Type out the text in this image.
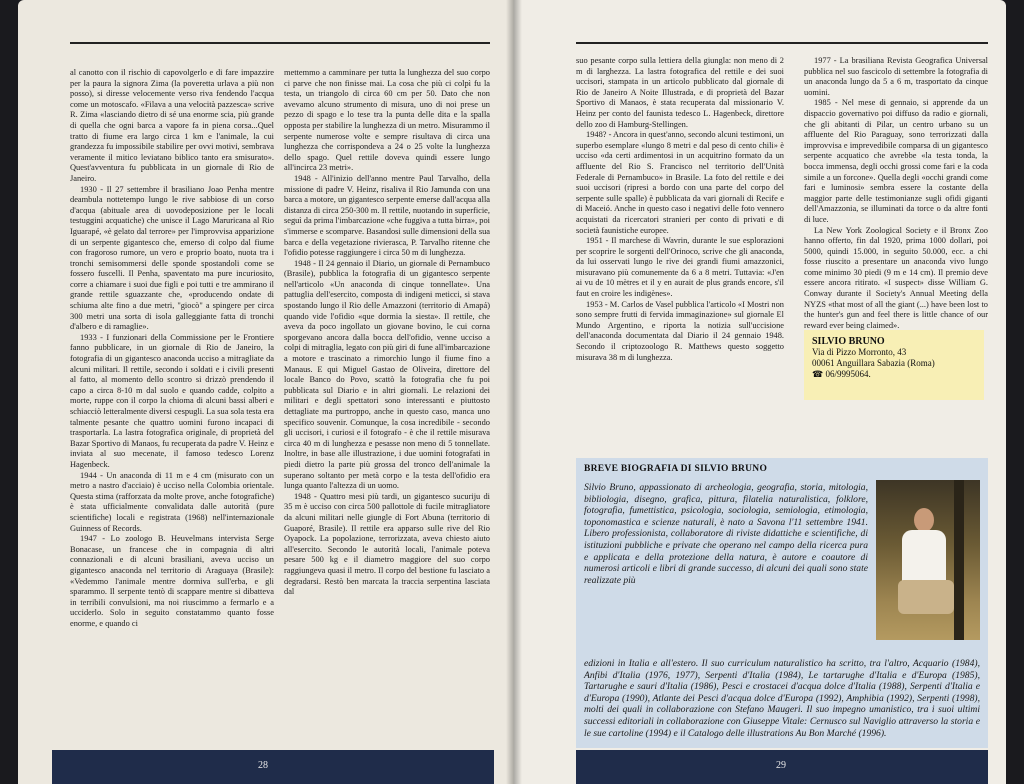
al canotto con il rischio di capovolgerlo e di fare impazzire per la paura la signora Zima (la poveretta urlava a più non posso), si diresse velocemente verso riva fendendo l'acqua come un motoscafo. «Filava a una velocità pazzesca» scrive R. Zima «lasciando dietro di sé una enorme scia, più grande di quella che ogni barca a vapore fa in piena corsa...Quel tratto di fiume era largo circa 1 km e l'animale, la cui grandezza fu impossibile stabilire per ovvi motivi, sembrava veramente il mitico leviatano biblico tanto era smisurato». Quest'avventura fu pubblicata in un giornale di Rio de Janeiro.

1930 - Il 27 settembre il brasiliano Joao Penha mentre deambula nottetempo lungo le rive sabbiose di un corso d'acqua (abituale area di uovodeposizione per le locali testuggini acquatiche) che unisce il Lago Maruricana al Rio Iguarapé, «è gelato dal terrore» per l'improvvisa apparizione di un serpente gigantesco che, emerso di colpo dal fiume con fragoroso rumore, un vero e proprio boato, nuota tra i tronchi semisommersi delle sponde spostandoli come se fossero fuscelli. Il Penha, spaventato ma pure incuriosito, corre a chiamare i suoi due figli e poi tutti e tre ammirano il grande rettile sguazzante che, «producendo ondate di schiuma alte fino a due metri, "giocò" a spingere per circa 300 metri una sorta di isola galleggiante fatta di tronchi d'albero e di ramaglie».

1933 - I funzionari della Commissione per le Frontiere fanno pubblicare, in un giornale di Rio de Janeiro, la fotografia di un gigantesco anaconda ucciso a mitragliate da alcuni militari. Il rettile, secondo i soldati e i civili presenti al fatto, al momento dello scontro si drizzò prendendo il capo a circa 8-10 m dal suolo e quando cadde, colpito a morte, ruppe con il corpo la chioma di alcuni bassi alberi e schiacciò letteralmente diversi cespugli. La sua sola testa era talmente pesante che quattro uomini furono incapaci di trasportarla. La lastra fotografica originale, di proprietà del Bazar Sportivo di Manaos, fu recuperata da padre V. Heinz e inviata al suo mecenate, il famoso tedesco Lorenz Hagenbeck.

1944 - Un anaconda di 11 m e 4 cm (misurato con un metro a nastro d'acciaio) è ucciso nella Colombia orientale. Questa stima (rafforzata da molte prove, anche fotografiche) è stata ufficialmente convalidata dalle autorità (pure scientifiche) locali e registrata (1968) nell'internazionale Guinness of Records.

1947 - Lo zoologo B. Heuvelmans intervista Serge Bonacase, un francese che in compagnia di altri connazionali e di alcuni brasiliani, aveva ucciso un gigantesco anaconda nel territorio di Araguaya (Brasile): «Vedemmo l'animale mentre dormiva sull'erba, e gli sparammo. Il serpente tentò di scappare mentre si dibatteva in terribili convulsioni, ma noi riuscimmo a fermarlo e a ucciderlo. Solo in seguito constatammo quanto fosse enorme, e quando ci

mettemmo a camminare per tutta la lunghezza del suo corpo ci parve che non finisse mai. La cosa che più ci colpì fu la testa, un triangolo di circa 60 cm per 50. Dato che non avevamo alcuno strumento di misura, uno di noi prese un pezzo di spago e lo tese tra la punta delle dita e la spalla opposta per stabilire la lunghezza di un metro. Misurammo il serpente numerose volte e sempre risultava di circa una lunghezza che corrispondeva a 24 o 25 volte la lunghezza dello spago. Quel rettile doveva quindi essere lungo all'incirca 23 metri».

1948 - All'inizio dell'anno mentre Paul Tarvalho, della missione di padre V. Heinz, risaliva il Rio Jamunda con una barca a motore, un gigantesco serpente emerse dall'acqua alla distanza di circa 250-300 m. Il rettile, nuotando in superficie, seguì da prima l'imbarcazione «che fuggiva a tutta birra», poi s'immerse e scomparve. Basandosi sulle dimensioni della sua barca e della vegetazione rivierasca, P. Tarvalho ritenne che l'ofidio potesse raggiungere i circa 50 m di lunghezza.

1948 - Il 24 gennaio il Diario, un giornale di Pernambuco (Brasile), pubblica la fotografia di un gigantesco serpente nell'articolo «Un anaconda di cinque tonnellate». Una pattuglia dell'esercito, composta di indigeni meticci, si stava spostando lungo il Rio delle Amazzoni (territorio di Amapá) quando vide l'ofidio «que dormia la siesta». Il rettile, che aveva da poco ingollato un giovane bovino, le cui corna sporgevano ancora dalla bocca dell'ofidio, venne ucciso a colpi di mitraglia, legato con più giri di fune all'imbarcazione a motore e trascinato a rimorchio lungo il fiume fino a Manaus. E qui Miguel Gastao de Oliveira, direttore del locale Banco do Povo, scattò la fotografia che fu poi pubblicata sul Diario e in altri giornali. Le relazioni dei militari e degli spettatori sono interessanti e piuttosto dettagliate ma purtroppo, anche in questo caso, manca uno specifico souvenir. Comunque, la cosa incredibile - secondo gli uccisori, i curiosi e il fotografo - è che il rettile misurava circa 40 m di lunghezza e pesasse non meno di 5 tonnellate. Inoltre, in base alle illustrazione, i due uomini fotografati in piedi dietro la parte più grossa del tronco dell'animale la superano soltanto per metà corpo e la testa dell'ofidio era lunga quanto l'altezza di un uomo.

1948 - Quattro mesi più tardi, un gigantesco sucuriju di 35 m è ucciso con circa 500 pallottole di fucile mitragliatore da alcuni militari nelle giungle di Fort Abuna (territorio di Guaporé, Brasile). Il rettile era apparso sulle rive del Rio Oyapock. La popolazione, terrorizzata, aveva chiesto aiuto all'esercito. Secondo le autorità locali, l'animale poteva pesare 500 kg e il diametro maggiore del suo corpo raggiungeva quasi il metro. Il corpo del bestione fu lasciato a degradarsi. Restò ben marcata la traccia serpentina lasciata dal

28

suo pesante corpo sulla lettiera della giungla: non meno di 2 m di larghezza. La lastra fotografica del rettile e dei suoi uccisori, stampata in un articolo pubblicato dal giornale di Rio de Janeiro A Noite Illustrada, e di proprietà del Bazar Sportivo di Manaos, è stata recuperata dal missionario V. Heinz per conto del faunista tedesco L. Hagenbeck, direttore dello zoo di Hamburg-Stellingen.

1948? - Ancora in quest'anno, secondo alcuni testimoni, un superbo esemplare «lungo 8 metri e dal peso di cento chili» è ucciso «da certi ardimentosi in un acquitrino formato da un affluente del Rio S. Francisco nel territorio dell'Unità Federale di Pernambuco» in Brasile. La foto del rettile e dei suoi uccisori (ripresi a bordo con una parte del corpo del serpente sulle spalle) è pubblicata da vari giornali di Recife e di Maceió. Anche in questo caso i negativi delle foto vennero acquistati da ricercatori stranieri per conto di privati e di società faunistiche europee.

1951 - Il marchese di Wavrin, durante le sue esplorazioni per scoprire le sorgenti dell'Orinoco, scrive che gli anaconda, da lui osservati lungo le rive dei grandi fiumi amazzonici, misuravano più comunemente da 6 a 8 metri. Tuttavia: «J'en ai vu de 10 mètres et il y en aurait de plus grands encore, s'il faut en croire les indigènes».

1953 - M. Carlos de Vasel pubblica l'articolo «I Mostri non sono sempre frutti di fervida immaginazione» sul giornale El Mundo Argentino, e riporta la notizia sull'uccisione dell'anaconda documentata dal Diario il 24 gennaio 1948. Secondo il criptozoologo R. Matthews questo soggetto misurava 38 m di lunghezza.

1977 - La brasiliana Revista Geografica Universal pubblica nel suo fascicolo di settembre la fotografia di un anaconda lungo da 5 a 6 m, trasportato da cinque uomini.

1985 - Nel mese di gennaio, si apprende da un dispaccio governativo poi diffuso da radio e giornali, che gli abitanti di Pilar, un centro urbano su un affluente del Rio Paraguay, sono terrorizzati dalla improvvisa e imprevedibile comparsa di un gigantesco serpente acquatico che avrebbe «la testa tonda, la bocca immensa, degli occhi grossi come fari e la coda simile a un forcone». Quella degli «occhi grandi come fari e luminosi» sembra essere la costante della maggior parte delle testimonianze sugli ofidi giganti dell'Amazzonia, se illuminati da torce o da altre fonti di luce.

La New York Zoological Society e il Bronx Zoo hanno offerto, fin dal 1920, prima 1000 dollari, poi 5000, quindi 15.000, in seguito 50.000, ecc. a chi fosse riuscito a presentare un anaconda vivo lungo come minimo 30 piedi (9 m e 14 cm). Il premio deve essere ancora ritirato. «I suspect» disse William G. Conway durante il Society's Annual Meeting della NYZS «that most of all the giant (...) have been lost to the hunter's gun and feel there is little chance of our reward ever being claimed».

SILVIO BRUNO
Via di Pizzo Morronto, 43
00061 Anguillara Sabazia (Roma)
☎ 06/9995064.
BREVE BIOGRAFIA DI SILVIO BRUNO
Silvio Bruno, appassionato di archeologia, geografia, storia, mitologia, bibliologia, disegno, grafica, pittura, filatelia naturalistica, folklore, fotografia, fumettistica, psicologia, sociologia, semiologia, etimologia, toponomastica e scienze naturali, è nato a Savona l'11 settembre 1941. Libero professionista, collaboratore di riviste didattiche e scientifiche, di istituzioni pubbliche e private che operano nel campo della ricerca pura e applicata e della protezione della natura, è autore e coautore di numerosi articoli e libri di grande successo, di alcuni dei quali sono state realizzate più
edizioni in Italia e all'estero. Il suo curriculum naturalistico ha scritto, tra l'altro, Acquario (1984), Anfibi d'Italia (1976, 1977), Serpenti d'Italia (1984), Le tartarughe d'Italia e d'Europa (1985), Tartarughe e sauri d'Italia (1986), Pesci e crostacei d'acqua dolce d'Italia (1988), Serpenti d'Italia e d'Europa (1990), Atlante dei Pesci d'acqua dolce d'Europa (1992), Amphibia (1992), Serpenti (1998), molti dei quali in collaborazione con Stefano Maugeri. Il suo impegno umanistico, tra i suoi ultimi successi editoriali in collaborazione con Giuseppe Vitale: Cernusco sul Naviglio attraverso la storia e le sue cartoline (1994) e il Catalogo delle illustrations Au Bon Marché (1996).
29
